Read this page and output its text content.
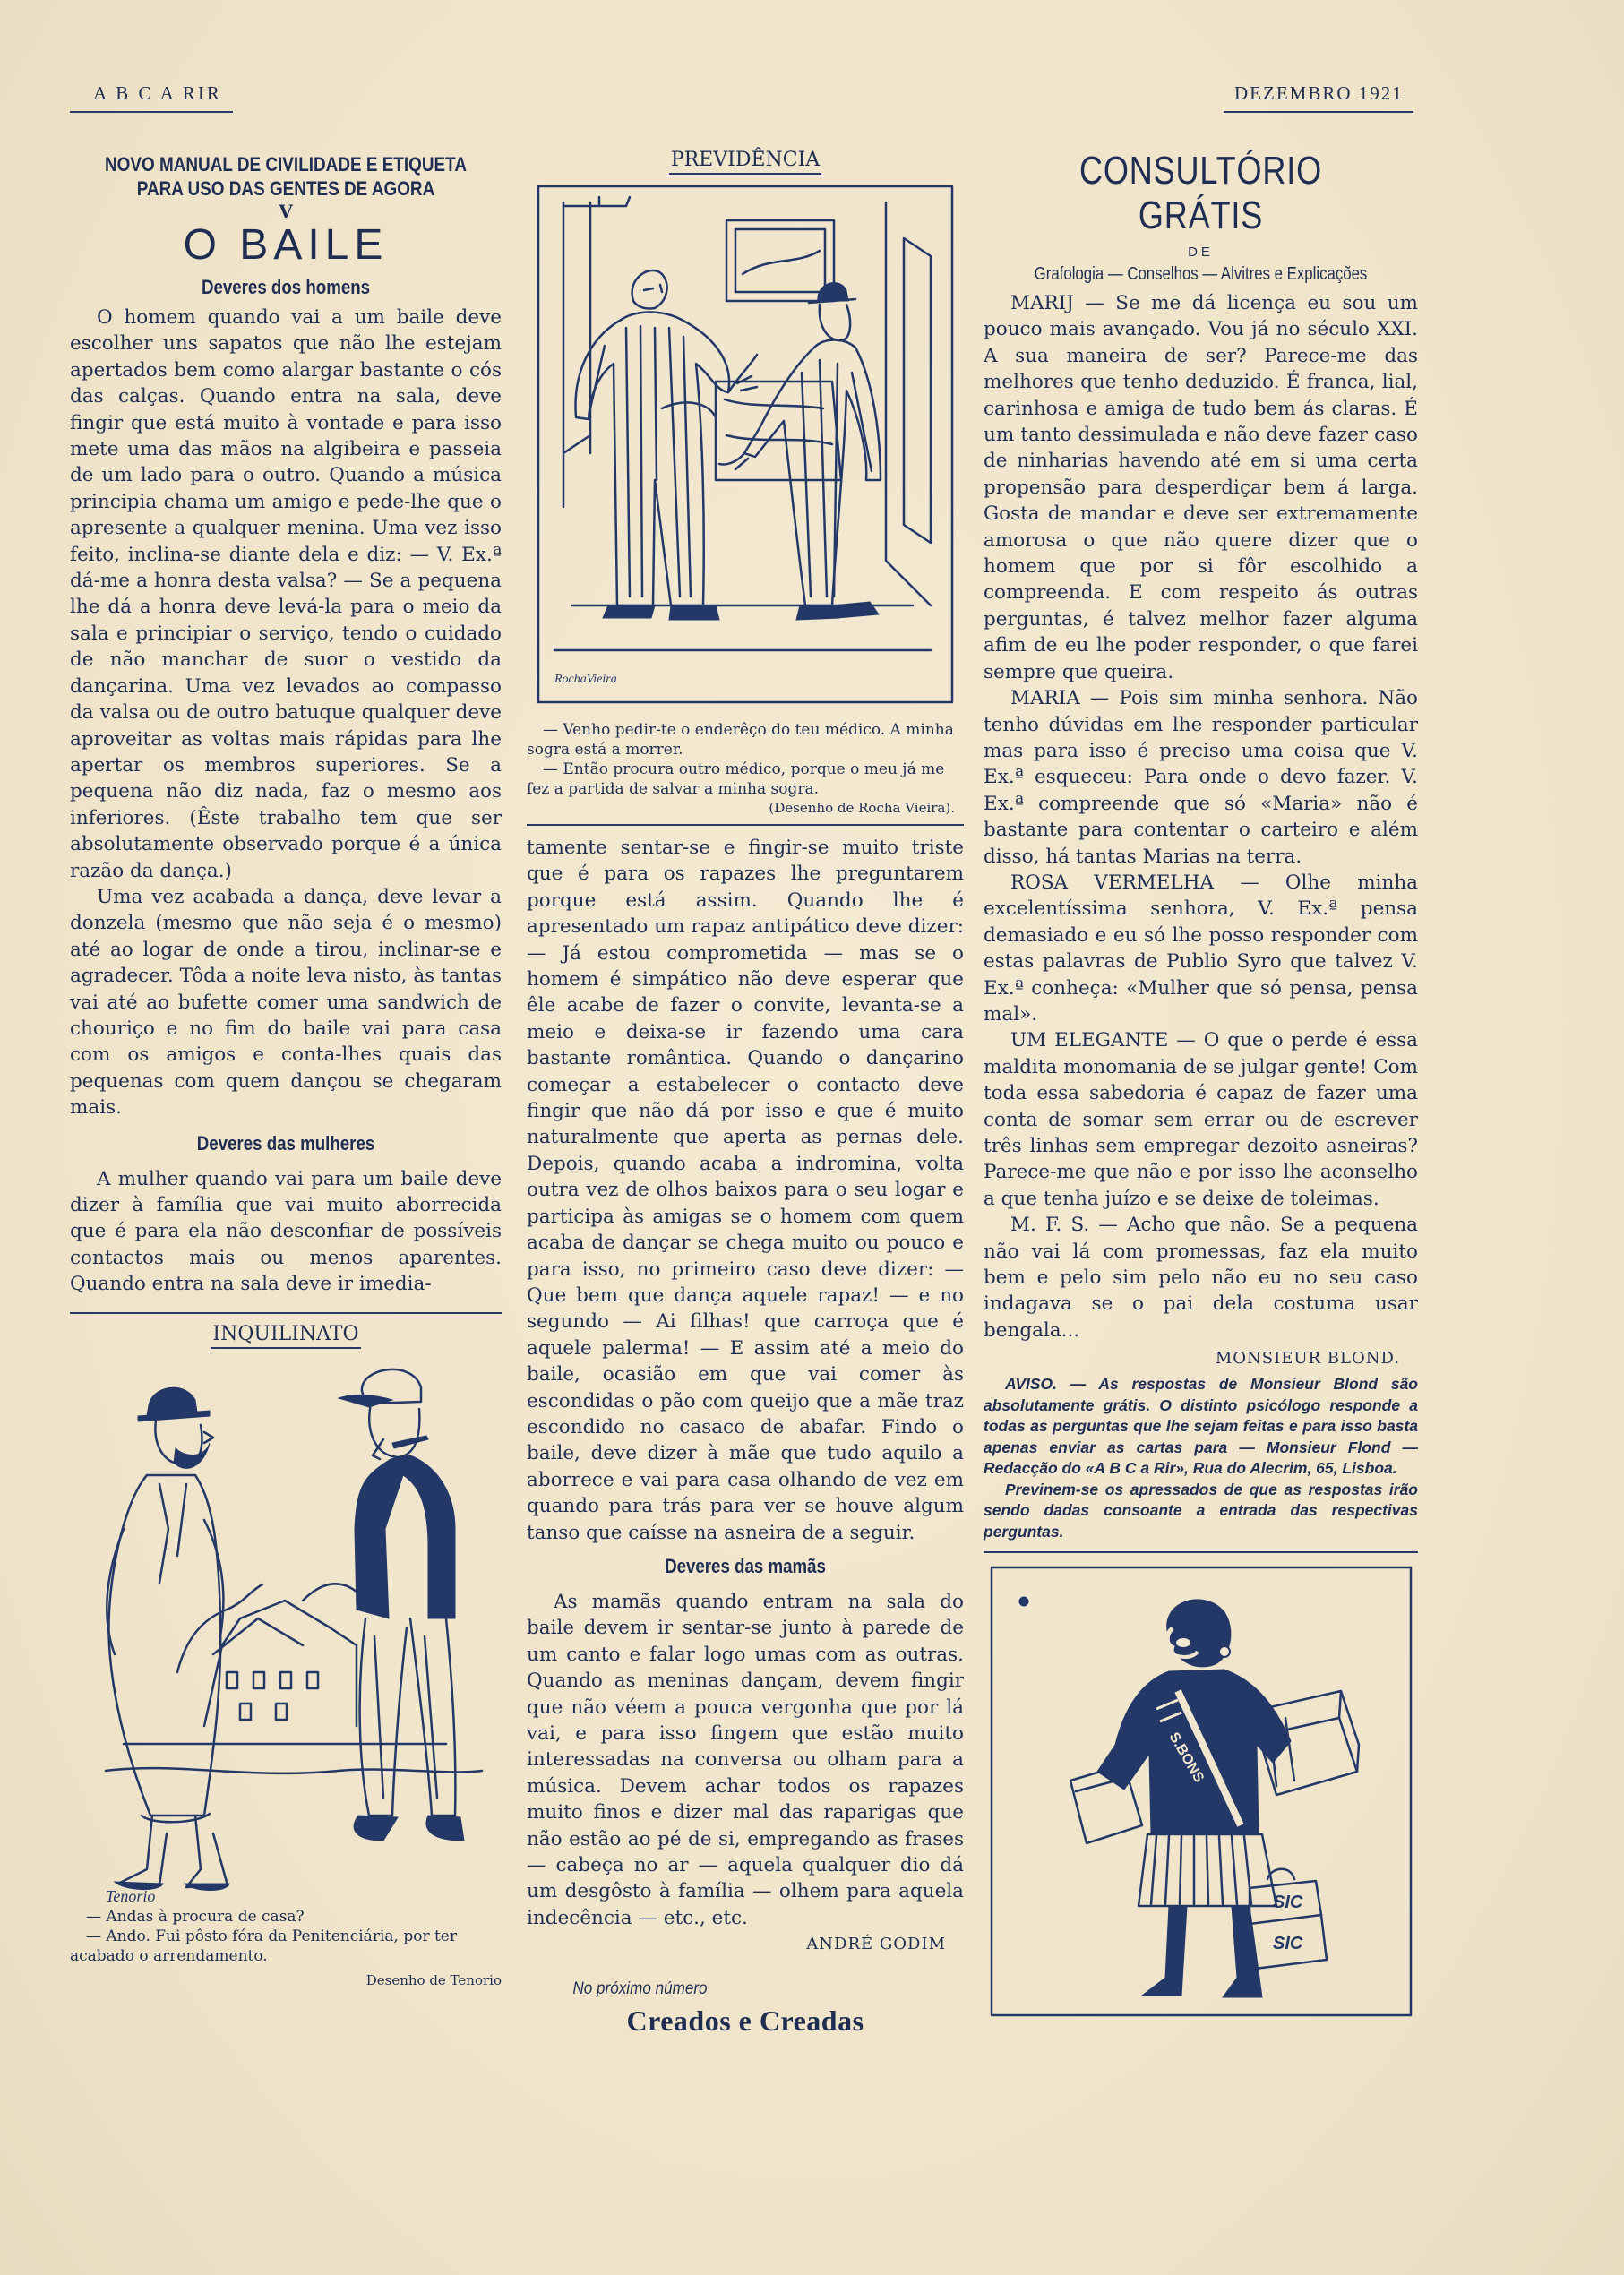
A B C A RIR	DEZEMBRO 1921
NOVO MANUAL DE CIVILIDADE E ETIQUETA
PARA USO DAS GENTES DE AGORA
V
O BAILE
Deveres dos homens

O homem quando vai a um baile deve escolher uns sapatos que não lhe estejam apertados bem como alargar bastante o cós das calças. Quando entra na sala, deve fingir que está muito à vontade e para isso mete uma das mãos na algibeira e passeia de um lado para o outro. Quando a música principia chama um amigo e pede-lhe que o apresente a qualquer menina. Uma vez isso feito, inclina-se diante dela e diz: — V. Ex.ª dá-me a honra desta valsa? — Se a pequena lhe dá a honra deve levá-la para o meio da sala e principiar o serviço, tendo o cuidado de não manchar de suor o vestido da dançarina. Uma vez levados ao compasso da valsa ou de outro batuque qualquer deve aproveitar as voltas mais rápidas para lhe apertar os membros superiores. Se a pequena não diz nada, faz o mesmo aos inferiores. (Êste trabalho tem que ser absolutamente observado porque é a única razão da dança.)

Uma vez acabada a dança, deve levar a donzela (mesmo que não seja é o mesmo) até ao logar de onde a tirou, inclinar-se e agradecer. Tôda a noite leva nisto, às tantas vai até ao bufette comer uma sandwich de chouriço e no fim do baile vai para casa com os amigos e conta-lhes quais das pequenas com quem dançou se chegaram mais.

Deveres das mulheres

A mulher quando vai para um baile deve dizer à família que vai muito aborrecida que é para ela não desconfiar de possíveis contactos mais ou menos aparentes. Quando entra na sala deve ir imedia-

INQUILINATO
Tenorio

— Andas à procura de casa?

— Ando. Fui pôsto fóra da Penitenciária, por ter acabado o arrendamento.

Desenho de Tenorio
PREVIDÊNCIA
RochaVieira

— Venho pedir-te o enderêço do teu médico. A minha sogra está a morrer.

— Então procura outro médico, porque o meu já me fez a partida de salvar a minha sogra.

(Desenho de Rocha Vieira).

tamente sentar-se e fingir-se muito triste que é para os rapazes lhe preguntarem porque está assim. Quando lhe é apresentado um rapaz antipático deve dizer: — Já estou comprometida — mas se o homem é simpático não deve esperar que êle acabe de fazer o convite, levanta-se a meio e deixa-se ir fazendo uma cara bastante romântica. Quando o dançarino começar a estabelecer o contacto deve fingir que não dá por isso e que é muito naturalmente que aperta as pernas dele. Depois, quando acaba a indromina, volta outra vez de olhos baixos para o seu logar e participa às amigas se o homem com quem acaba de dançar se chega muito ou pouco e para isso, no primeiro caso deve dizer: — Que bem que dança aquele rapaz! — e no segundo — Ai filhas! que carroça que é aquele palerma! — E assim até a meio do baile, ocasião em que vai comer às escondidas o pão com queijo que a mãe traz escondido no casaco de abafar. Findo o baile, deve dizer à mãe que tudo aquilo a aborrece e vai para casa olhando de vez em quando para trás para ver se houve algum tanso que caísse na asneira de a seguir.

Deveres das mamãs

As mamãs quando entram na sala do baile devem ir sentar-se junto à parede de um canto e falar logo umas com as outras. Quando as meninas dançam, devem fingir que não véem a pouca vergonha que por lá vai, e para isso fingem que estão muito interessadas na conversa ou olham para a música. Devem achar todos os rapazes muito finos e dizer mal das raparigas que não estão ao pé de si, empregando as frases — cabeça no ar — aquela qualquer dio dá um desgôsto à família — olhem para aquela indecência — etc., etc.

ANDRÉ GODIM
No próximo número
Creados e Creadas
CONSULTÓRIO GRÁTIS
DE
Grafologia — Conselhos — Alvitres e Explicações

MARIJ — Se me dá licença eu sou um pouco mais avançado. Vou já no século XXI. A sua maneira de ser? Parece-me das melhores que tenho deduzido. É franca, lial, carinhosa e amiga de tudo bem ás claras. É um tanto dessimulada e não deve fazer caso de ninharias havendo até em si uma certa propensão para desperdiçar bem á larga. Gosta de mandar e deve ser extremamente amorosa o que não quere dizer que o homem que por si fôr escolhido a compreenda. E com respeito ás outras perguntas, é talvez melhor fazer alguma afim de eu lhe poder responder, o que farei sempre que queira.

MARIA — Pois sim minha senhora. Não tenho dúvidas em lhe responder particular mas para isso é preciso uma coisa que V. Ex.ª esqueceu: Para onde o devo fazer. V. Ex.ª compreende que só «Maria» não é bastante para contentar o carteiro e além disso, há tantas Marias na terra.

ROSA VERMELHA — Olhe minha excelentíssima senhora, V. Ex.ª pensa demasiado e eu só lhe posso responder com estas palavras de Publio Syro que talvez V. Ex.ª conheça: «Mulher que só pensa, pensa mal».

UM ELEGANTE — O que o perde é essa maldita monomania de se julgar gente! Com toda essa sabedoria é capaz de fazer uma conta de somar sem errar ou de escrever três linhas sem empregar dezoito asneiras? Parece-me que não e por isso lhe aconselho a que tenha juízo e se deixe de toleimas.

M. F. S. — Acho que não. Se a pequena não vai lá com promessas, faz ela muito bem e pelo sim pelo não eu no seu caso indagava se o pai dela costuma usar bengala...

MONSIEUR BLOND.

AVISO. — As respostas de Monsieur Blond são absolutamente grátis. O distinto psicólogo responde a todas as perguntas que lhe sejam feitas e para isso basta apenas enviar as cartas para — Monsieur Flond — Redacção do «A B C a Rir», Rua do Alecrim, 65, Lisboa.

Previnem-se os apressados de que as respostas irão sendo dadas consoante a entrada das respectivas perguntas.

S.BONS
SIC
SIC
